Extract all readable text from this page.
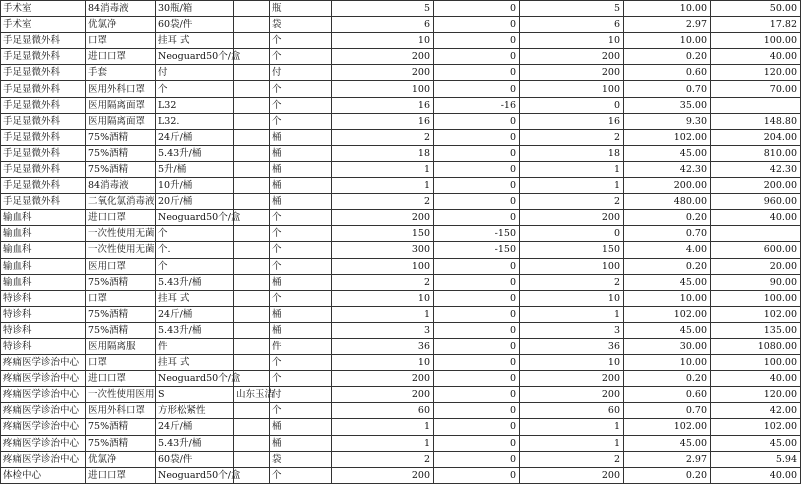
手术室	84消毒液	30瓶/箱		瓶	5	0	5	10.00	50.00
手术室	优氯净	60袋/件		袋	6	0	6	2.97	17.82
手足显微外科	口罩	挂耳 式		个	10	0	10	10.00	100.00
手足显微外科	进口口罩	Neoguard50个/盒		个	200	0	200	0.20	40.00
手足显微外科	手套	付		付	200	0	200	0.60	120.00
手足显微外科	医用外科口罩	个		个	100	0	100	0.70	70.00
手足显微外科	医用隔离面罩	L32		个	16	-16	0	35.00	
手足显微外科	医用隔离面罩	L32.		个	16	0	16	9.30	148.80
手足显微外科	75%酒精	24斤/桶		桶	2	0	2	102.00	204.00
手足显微外科	75%酒精	5.43升/桶		桶	18	0	18	45.00	810.00
手足显微外科	75%酒精	5升/桶		桶	1	0	1	42.30	42.30
手足显微外科	84消毒液	10升/桶		桶	1	0	1	200.00	200.00
手足显微外科	二氧化氯消毒液	20斤/桶		桶	2	0	2	480.00	960.00
输血科	进口口罩	Neoguard50个/盒		个	200	0	200	0.20	40.00
输血科	一次性使用无菌	个		个	150	-150	0	0.70	
输血科	一次性使用无菌	个.		个	300	-150	150	4.00	600.00
输血科	医用口罩	个		个	100	0	100	0.20	20.00
输血科	75%酒精	5.43升/桶		桶	2	0	2	45.00	90.00
特诊科	口罩	挂耳 式		个	10	0	10	10.00	100.00
特诊科	75%酒精	24斤/桶		桶	1	0	1	102.00	102.00
特诊科	75%酒精	5.43升/桶		桶	3	0	3	45.00	135.00
特诊科	医用隔离服	件		件	36	0	36	30.00	1080.00
疼痛医学诊治中心	口罩	挂耳 式		个	10	0	10	10.00	100.00
疼痛医学诊治中心	进口口罩	Neoguard50个/盒		个	200	0	200	0.20	40.00
疼痛医学诊治中心	一次性使用医用	S	山东玉洁	付	200	0	200	0.60	120.00
疼痛医学诊治中心	医用外科口罩	方形松紧性		个	60	0	60	0.70	42.00
疼痛医学诊治中心	75%酒精	24斤/桶		桶	1	0	1	102.00	102.00
疼痛医学诊治中心	75%酒精	5.43升/桶		桶	1	0	1	45.00	45.00
疼痛医学诊治中心	优氯净	60袋/件		袋	2	0	2	2.97	5.94
体检中心	进口口罩	Neoguard50个/盒		个	200	0	200	0.20	40.00
